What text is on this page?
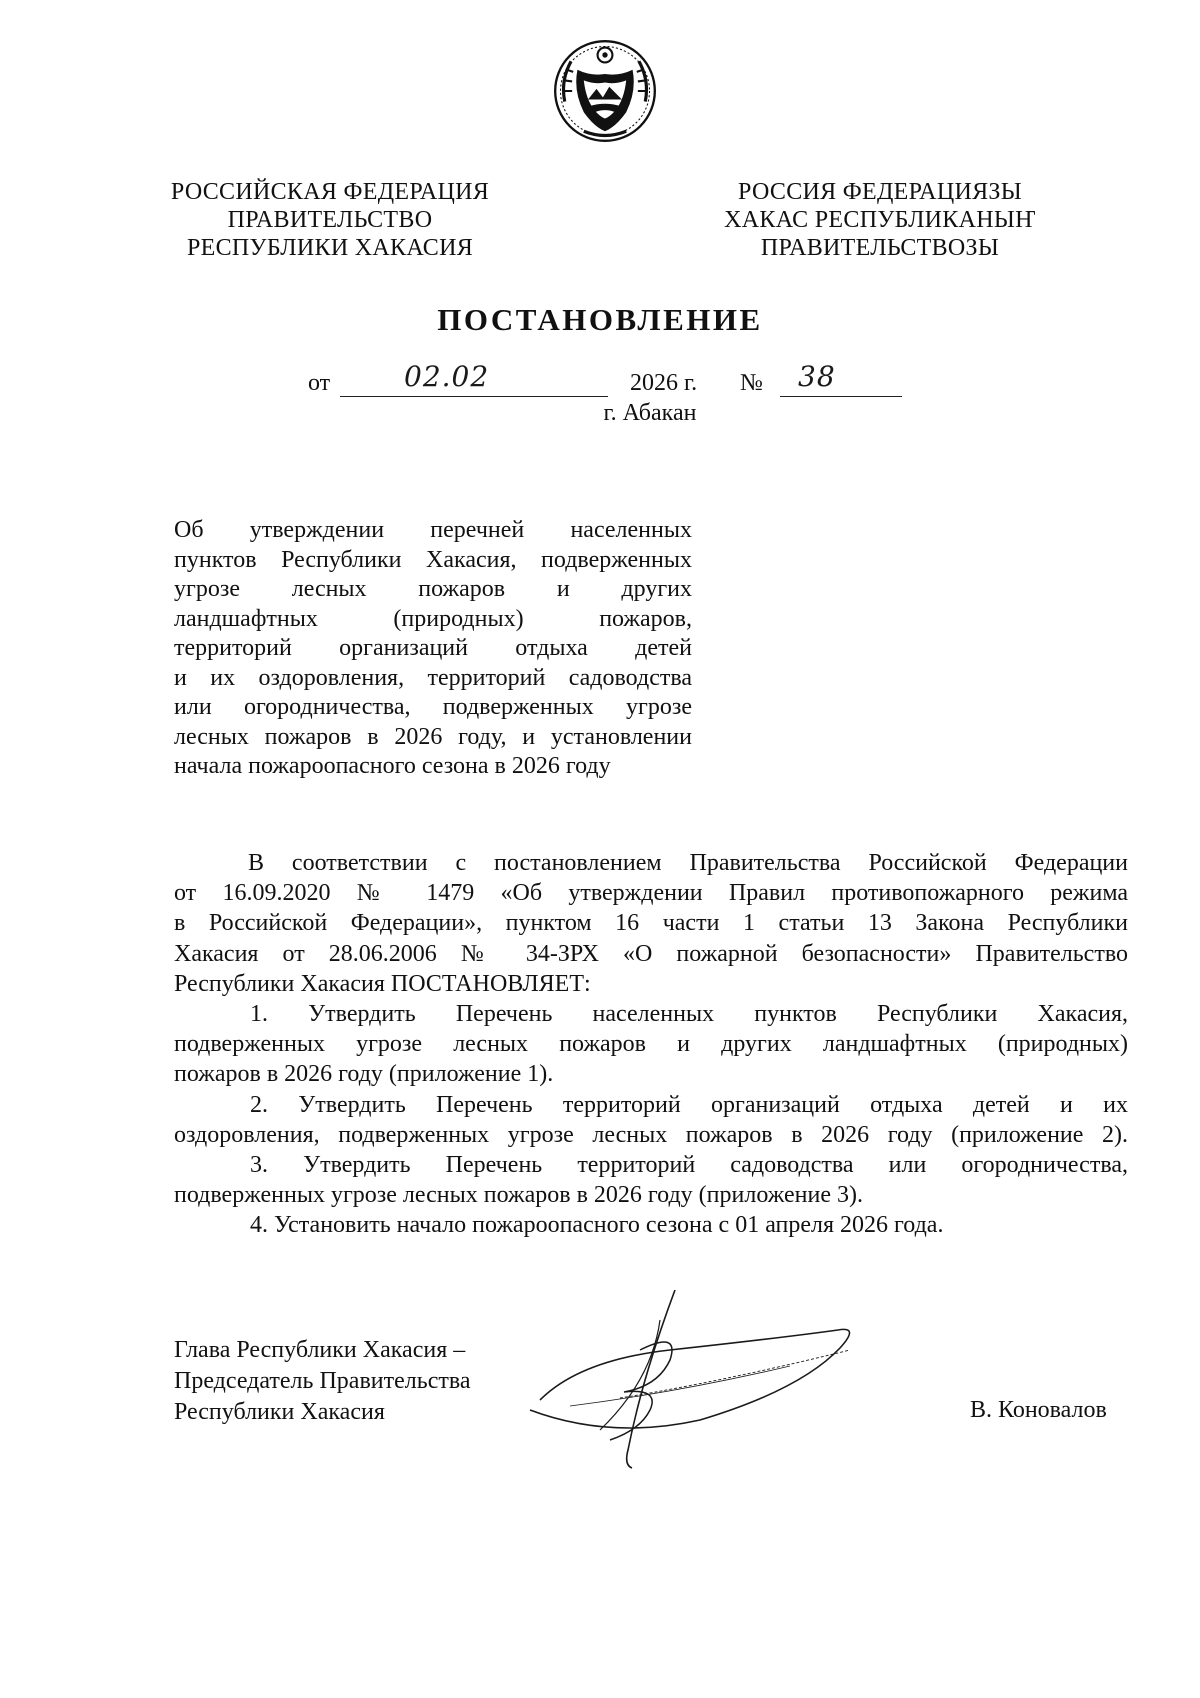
РОССИЙСКАЯ ФЕДЕРАЦИЯ
ПРАВИТЕЛЬСТВО
РЕСПУБЛИКИ ХАКАСИЯ
РОССИЯ ФЕДЕРАЦИЯЗЫ
ХАКАС РЕСПУБЛИКАНЫҤ
ПРАВИТЕЛЬСТВОЗЫ
ПОСТАНОВЛЕНИЕ
от	02.02	2026 г. № 38
г. Абакан
Об утверждении перечней населенных
пунктов Республики Хакасия, подверженных
угрозе лесных пожаров и других
ландшафтных (природных) пожаров,
территорий организаций отдыха детей
и их оздоровления, территорий садоводства
или огородничества, подверженных угрозе
лесных пожаров в 2026 году, и установлении
начала пожароопасного сезона в 2026 году
В соответствии с постановлением Правительства Российской Федерации
от 16.09.2020 № 1479 «Об утверждении Правил противопожарного режима
в Российской Федерации», пунктом 16 части 1 статьи 13 Закона Республики
Хакасия от 28.06.2006 № 34-ЗРХ «О пожарной безопасности» Правительство
Республики Хакасия ПОСТАНОВЛЯЕТ:
1. Утвердить Перечень населенных пунктов Республики Хакасия,
подверженных угрозе лесных пожаров и других ландшафтных (природных)
пожаров в 2026 году (приложение 1).
2. Утвердить Перечень территорий организаций отдыха детей и их
оздоровления, подверженных угрозе лесных пожаров в 2026 году (приложение 2).
3. Утвердить Перечень территорий садоводства или огородничества,
подверженных угрозе лесных пожаров в 2026 году (приложение 3).
4. Установить начало пожароопасного сезона с 01 апреля 2026 года.
Глава Республики Хакасия –
Председатель Правительства
Республики Хакасия	В. Коновалов
